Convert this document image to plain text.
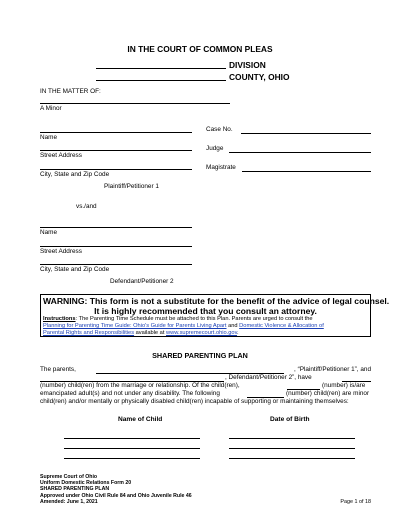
IN THE COURT OF COMMON PLEAS
DIVISION
COUNTY, OHIO
IN THE MATTER OF:
A Minor
Name
Street Address
City, State and Zip Code
Plaintiff/Petitioner 1
vs./and
Name
Street Address
City, State and Zip Code
Defendant/Petitioner 2
Case No.
Judge
Magistrate
WARNING: This form is not a substitute for the benefit of the advice of legal counsel.
It is highly recommended that you consult an attorney.
Instructions: The Parenting Time Schedule must be attached to this Plan. Parents are urged to consult the
Planning for Parenting Time Guide: Ohio's Guide for Parents Living Apart and Domestic Violence & Allocation of
Parental Rights and Responsibilities available at www.supremecourt.ohio.gov.
SHARED PARENTING PLAN
The parents,	, “Plaintiff/Petitioner 1”, and
, Defendant/Petitioner 2”, have
(number) child(ren) from the marriage or relationship. Of the child(ren),	(number) is/are
emancipated adult(s) and not under any disability. The following	(number) child(ren) are minor
child(ren) and/or mentally or physically disabled child(ren) incapable of supporting or maintaining themselves:
Name of Child	Date of Birth
Supreme Court of Ohio
Uniform Domestic Relations Form 20
SHARED PARENTING PLAN
Approved under Ohio Civil Rule 84 and Ohio Juvenile Rule 46
Amended: June 1, 2021	Page 1 of 18
